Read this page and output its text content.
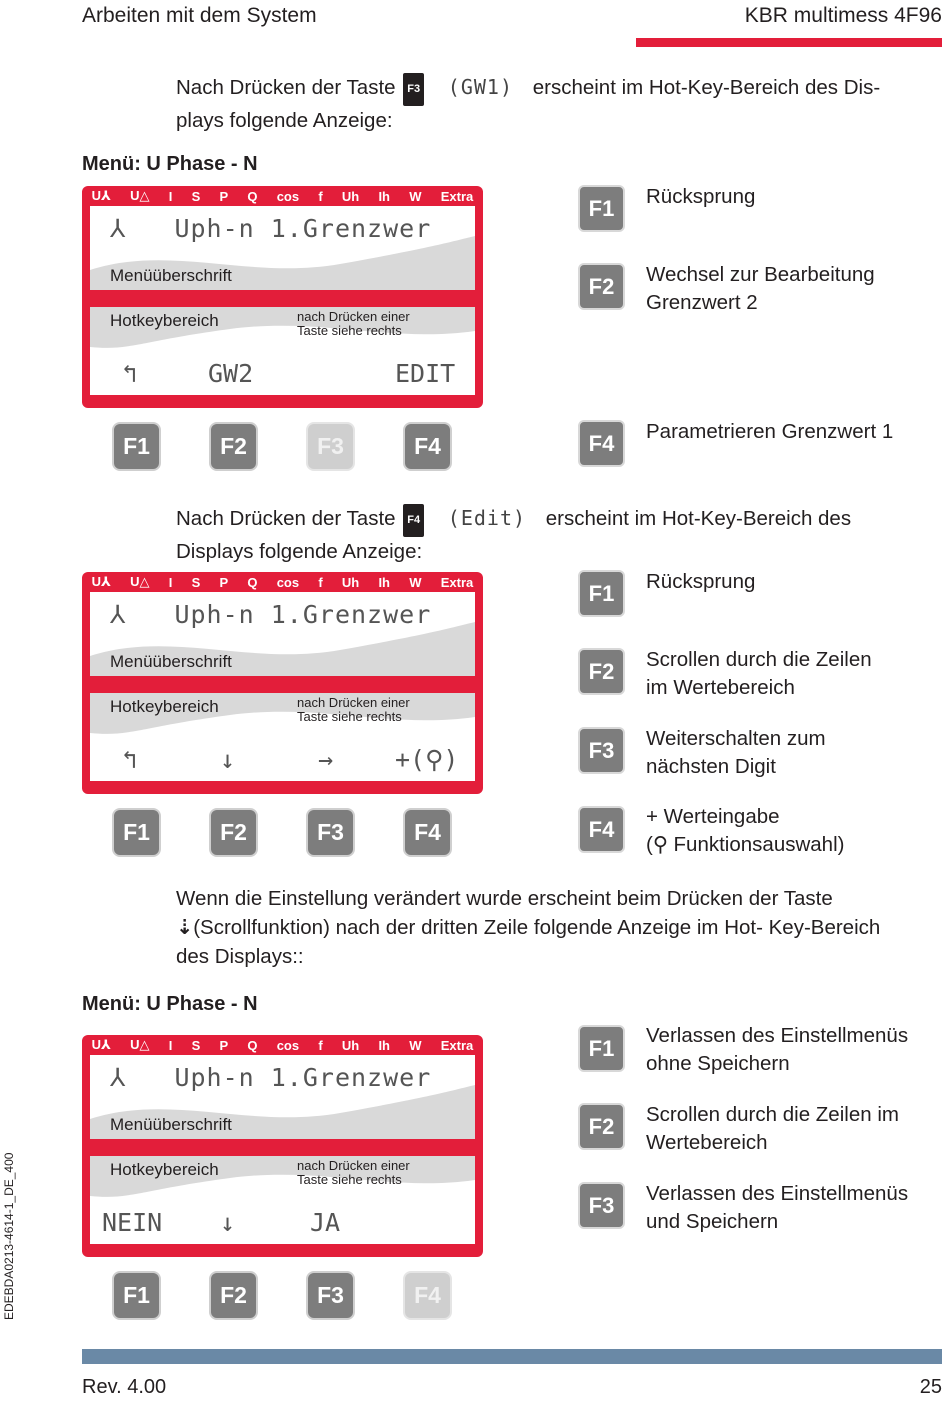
Arbeiten mit dem System	KBR multimess 4F96
Nach Drücken der Taste F3 (GW1) erscheint im Hot-Key-Bereich des Dis-
plays folgende Anzeige:
Menü: U Phase - N
U⅄ U△ I S P Q cos f Uh Ih W Extra
⅄ Uph-n 1.Grenzwer
Menüüberschrift
Hotkeybereich	nach Drücken einer
Taste siehe rechts
↰	GW2	EDIT
F1	F2	F3	F4
F1	Rücksprung
F2	Wechsel zur Bearbeitung
Grenzwert 2
F4	Parametrieren Grenzwert 1
Nach Drücken der Taste F4 (Edit) erscheint im Hot-Key-Bereich des
Displays folgende Anzeige:
U⅄ U△ I S P Q cos f Uh Ih W Extra
⅄ Uph-n 1.Grenzwer
Menüüberschrift
Hotkeybereich	nach Drücken einer
Taste siehe rechts
↰	↓	→ +(⚲)
F1	F2	F3	F4
F1	Rücksprung
F2	Scrollen durch die Zeilen
im Wertebereich
F3	Weiterschalten zum
nächsten Digit
F4	+ Werteingabe
(⚲ Funktionsauswahl)
Wenn die Einstellung verändert wurde erscheint beim Drücken der Taste
⇣(Scrollfunktion) nach der dritten Zeile folgende Anzeige im Hot- Key-Bereich
des Displays::
Menü: U Phase - N
U⅄ U△ I S P Q cos f Uh Ih W Extra
⅄ Uph-n 1.Grenzwer
Menüüberschrift
Hotkeybereich	nach Drücken einer
Taste siehe rechts
NEIN ↓	JA
F1	F2	F3	F4
F1	Verlassen des Einstellmenüs
ohne Speichern
F2	Scrollen durch die Zeilen im
Wertebereich
F3	Verlassen des Einstellmenüs
und Speichern
EDEBDA0213-4614-1_DE_400
Rev. 4.00	25
